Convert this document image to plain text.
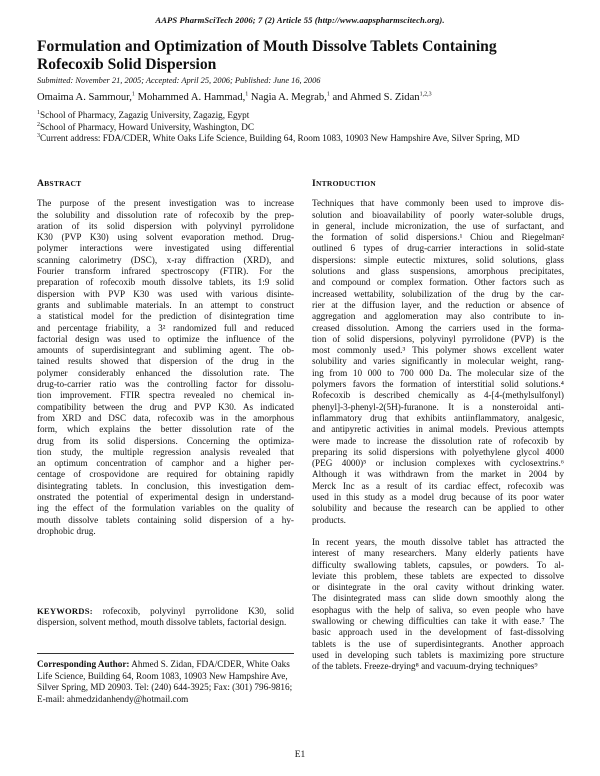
AAPS PharmSciTech 2006; 7 (2) Article 55 (http://www.aapspharmscitech.org).
Formulation and Optimization of Mouth Dissolve Tablets Containing Rofecoxib Solid Dispersion
Submitted: November 21, 2005; Accepted: April 25, 2006; Published: June 16, 2006
Omaima A. Sammour,$^1$ Mohammed A. Hammad,$^1$ Nagia A. Megrab,$^1$ and Ahmed S. Zidan$^{1,2,3}$
$^1$School of Pharmacy, Zagazig University, Zagazig, Egypt
$^2$School of Pharmacy, Howard University, Washington, DC
$^3$Current address: FDA/CDER, White Oaks Life Science, Building 64, Room 1083, 10903 New Hampshire Ave, Silver Spring, MD
ABSTRACT
The purpose of the present investigation was to increase
the solubility and dissolution rate of rofecoxib by the prep-
aration of its solid dispersion with polyvinyl pyrrolidone
K30 (PVP K30) using solvent evaporation method. Drug-
polymer interactions were investigated using differential
scanning calorimetry (DSC), x-ray diffraction (XRD), and
Fourier transform infrared spectroscopy (FTIR). For the
preparation of rofecoxib mouth dissolve tablets, its 1:9 solid
dispersion with PVP K30 was used with various disinte-
grants and sublimable materials. In an attempt to construct
a statistical model for the prediction of disintegration time
and percentage friability, a 3² randomized full and reduced
factorial design was used to optimize the influence of the
amounts of superdisintegrant and subliming agent. The ob-
tained results showed that dispersion of the drug in the
polymer considerably enhanced the dissolution rate. The
drug-to-carrier ratio was the controlling factor for dissolu-
tion improvement. FTIR spectra revealed no chemical in-
compatibility between the drug and PVP K30. As indicated
from XRD and DSC data, rofecoxib was in the amorphous
form, which explains the better dissolution rate of the
drug from its solid dispersions. Concerning the optimiza-
tion study, the multiple regression analysis revealed that
an optimum concentration of camphor and a higher per-
centage of crospovidone are required for obtaining rapidly
disintegrating tablets. In conclusion, this investigation dem-
onstrated the potential of experimental design in understand-
ing the effect of the formulation variables on the quality of
mouth dissolve tablets containing solid dispersion of a hy-
drophobic drug.
KEYWORDS: rofecoxib, polyvinyl pyrrolidone K30, solid dispersion, solvent method, mouth dissolve tablets, factorial design.
Corresponding Author: Ahmed S. Zidan, FDA/CDER, White Oaks Life Science, Building 64, Room 1083, 10903 New Hampshire Ave, Silver Spring, MD 20903. Tel: (240) 644-3925; Fax: (301) 796-9816; E-mail: ahmedzidanhendy@hotmail.com
INTRODUCTION
Techniques that have commonly been used to improve dis-
solution and bioavailability of poorly water-soluble drugs,
in general, include micronization, the use of surfactant, and
the formation of solid dispersions.¹ Chiou and Riegelman²
outlined 6 types of drug-carrier interactions in solid-state
dispersions: simple eutectic mixtures, solid solutions, glass
solutions and glass suspensions, amorphous precipitates,
and compound or complex formation. Other factors such as
increased wettability, solubilization of the drug by the car-
rier at the diffusion layer, and the reduction or absence of
aggregation and agglomeration may also contribute to in-
creased dissolution. Among the carriers used in the forma-
tion of solid dispersions, polyvinyl pyrrolidone (PVP) is the
most commonly used.³ This polymer shows excellent water
solubility and varies significantly in molecular weight, rang-
ing from 10 000 to 700 000 Da. The molecular size of the
polymers favors the formation of interstitial solid solutions.⁴
Rofecoxib is described chemically as 4-[4-(methylsulfonyl)
phenyl]-3-phenyl-2(5H)-furanone. It is a nonsteroidal anti-
inflammatory drug that exhibits antiinflammatory, analgesic,
and antipyretic activities in animal models. Previous attempts
were made to increase the dissolution rate of rofecoxib by
preparing its solid dispersions with polyethylene glycol 4000
(PEG 4000)⁵ or inclusion complexes with cyclosextrins.⁶
Although it was withdrawn from the market in 2004 by
Merck Inc as a result of its cardiac effect, rofecoxib was
used in this study as a model drug because of its poor water
solubility and because the research can be applied to other
products.
In recent years, the mouth dissolve tablet has attracted the
interest of many researchers. Many elderly patients have
difficulty swallowing tablets, capsules, or powders. To al-
leviate this problem, these tablets are expected to dissolve
or disintegrate in the oral cavity without drinking water.
The disintegrated mass can slide down smoothly along the
esophagus with the help of saliva, so even people who have
swallowing or chewing difficulties can take it with ease.⁷ The
basic approach used in the development of fast-dissolving
tablets is the use of superdisintegrants. Another approach
used in developing such tablets is maximizing pore structure
of the tablets. Freeze-drying⁸ and vacuum-drying techniques⁹
E1
